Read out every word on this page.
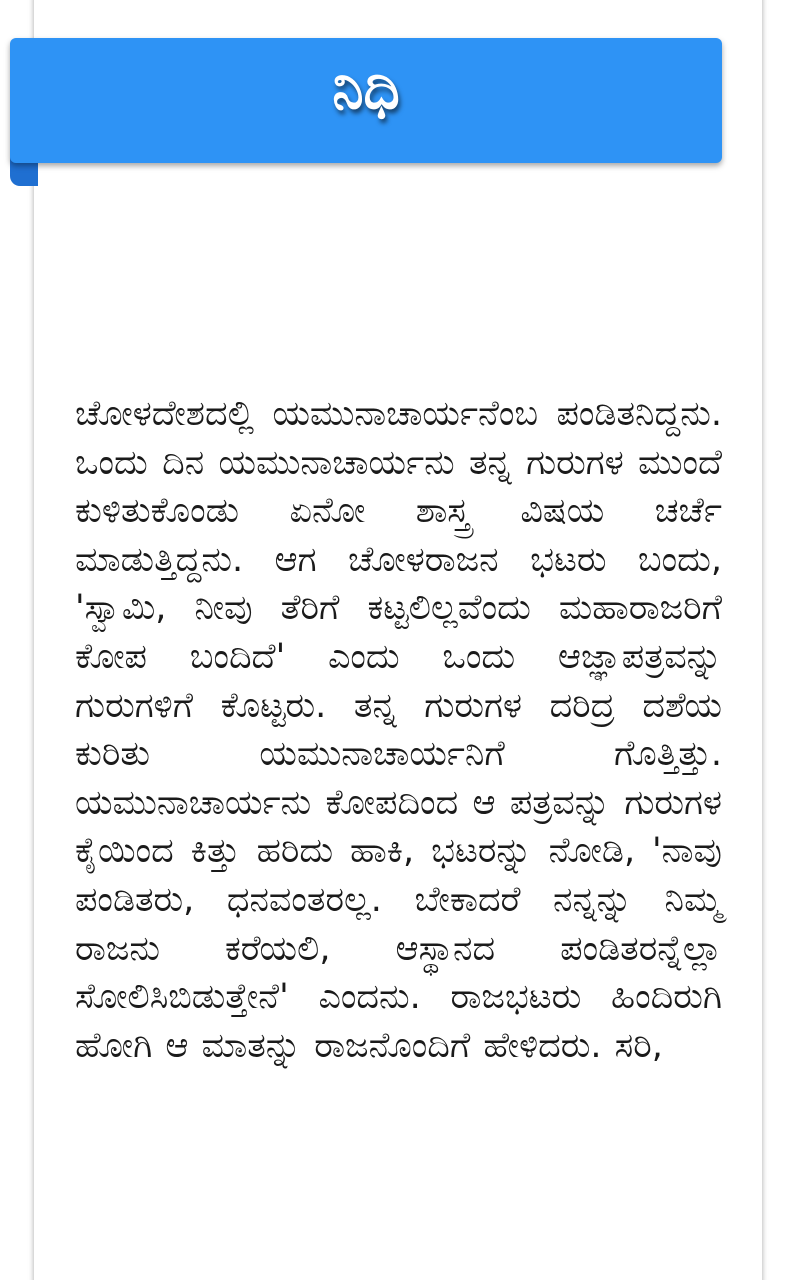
ನಿಧಿ

ಚೋಳದೇಶದಲ್ಲಿ ಯಮುನಾಚಾರ್ಯನೆಂಬ ಪಂಡಿತನಿದ್ದನು. ಒಂದು ದಿನ ಯಮುನಾಚಾರ್ಯನು ತನ್ನ ಗುರುಗಳ ಮುಂದೆ ಕುಳಿತುಕೊಂಡು ಏನೋ ಶಾಸ್ತ್ರ ವಿಷಯ ಚರ್ಚೆ ಮಾಡುತ್ತಿದ್ದನು. ಆಗ ಚೋಳರಾಜನ ಭಟರು ಬಂದು, 'ಸ್ವಾಮಿ, ನೀವು ತೆರಿಗೆ ಕಟ್ಟಲಿಲ್ಲವೆಂದು ಮಹಾರಾಜರಿಗೆ ಕೋಪ ಬಂದಿದೆ' ಎಂದು ಒಂದು ಆಜ್ಞಾಪತ್ರವನ್ನು ಗುರುಗಳಿಗೆ ಕೊಟ್ಟರು. ತನ್ನ ಗುರುಗಳ ದರಿದ್ರ ದಶೆಯ ಕುರಿತು ಯಮುನಾಚಾರ್ಯನಿಗೆ ಗೊತ್ತಿತ್ತು. ಯಮುನಾಚಾರ್ಯನು ಕೋಪದಿಂದ ಆ ಪತ್ರವನ್ನು ಗುರುಗಳ ಕೈಯಿಂದ ಕಿತ್ತು ಹರಿದು ಹಾಕಿ, ಭಟರನ್ನು ನೋಡಿ, 'ನಾವು ಪಂಡಿತರು, ಧನವಂತರಲ್ಲ. ಬೇಕಾದರೆ ನನ್ನನ್ನು ನಿಮ್ಮ ರಾಜನು ಕರೆಯಲಿ, ಆಸ್ಥಾನದ ಪಂಡಿತರನ್ನೆಲ್ಲಾ ಸೋಲಿಸಿಬಿಡುತ್ತೇನೆ' ಎಂದನು. ರಾಜಭಟರು ಹಿಂದಿರುಗಿ ಹೋಗಿ ಆ ಮಾತನ್ನು ರಾಜನೊಂದಿಗೆ ಹೇಳಿದರು. ಸರಿ,
